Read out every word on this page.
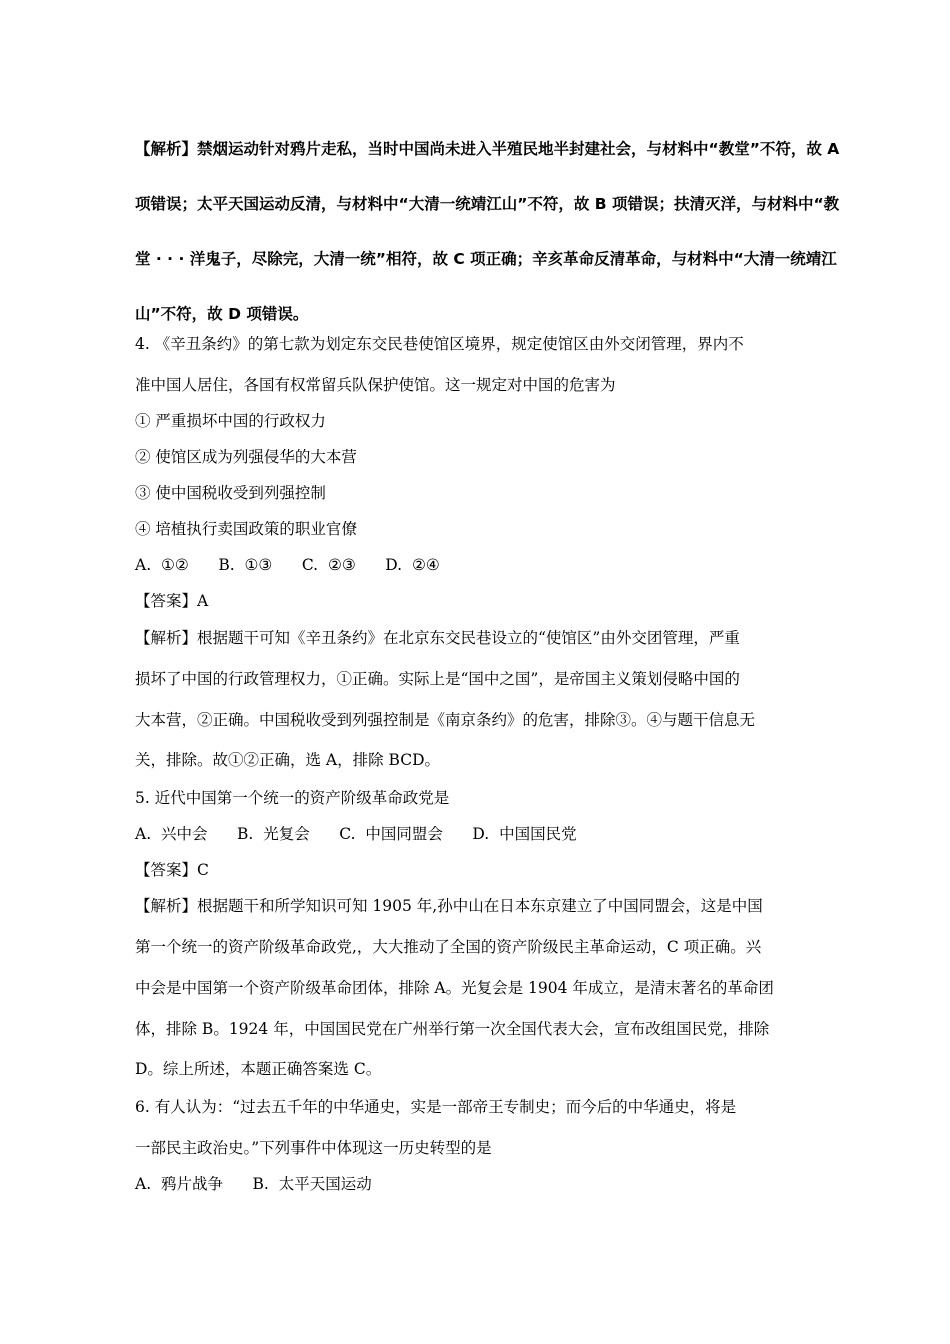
【解析】禁烟运动针对鸦片走私，当时中国尚未进入半殖民地半封建社会，与材料中“教堂”不符，故 A

项错误；太平天国运动反清，与材料中“大清一统靖江山”不符，故 B 项错误；扶清灭洋，与材料中“教

堂 · · · 洋鬼子，尽除完，大清一统”相符，故 C 项正确；辛亥革命反清革命，与材料中“大清一统靖江

山”不符，故 D 项错误。

4. 《辛丑条约》的第七款为划定东交民巷使馆区境界，规定使馆区由外交闭管理，界内不

准中国人居住，各国有权常留兵队保护使馆。这一规定对中国的危害为

① 严重损坏中国的行政权力

② 使馆区成为列强侵华的大本营

③ 使中国税收受到列强控制

④ 培植执行卖国政策的职业官僚

A.  ①②      B.  ①③      C.  ②③      D.  ②④

【答案】A

【解析】根据题干可知《辛丑条约》在北京东交民巷设立的“使馆区”由外交团管理，严重

损坏了中国的行政管理权力，①正确。实际上是“国中之国”，是帝国主义策划侵略中国的

大本营，②正确。中国税收受到列强控制是《南京条约》的危害，排除③。④与题干信息无

关，排除。故①②正确，选 A，排除 BCD。

5. 近代中国第一个统一的资产阶级革命政党是

A.  兴中会      B.  光复会      C.  中国同盟会      D.  中国国民党

【答案】C

【解析】根据题干和所学知识可知 1905 年,孙中山在日本东京建立了中国同盟会，这是中国

第一个统一的资产阶级革命政党,，大大推动了全国的资产阶级民主革命运动，C 项正确。兴

中会是中国第一个资产阶级革命团体，排除 A。光复会是 1904 年成立，是清末著名的革命团

体，排除 B。1924 年，中国国民党在广州举行第一次全国代表大会，宣布改组国民党，排除

D。综上所述，本题正确答案选 C。

6. 有人认为：“过去五千年的中华通史，实是一部帝王专制史；而今后的中华通史，将是

一部民主政治史。”下列事件中体现这一历史转型的是

A.  鸦片战争      B.  太平天国运动
